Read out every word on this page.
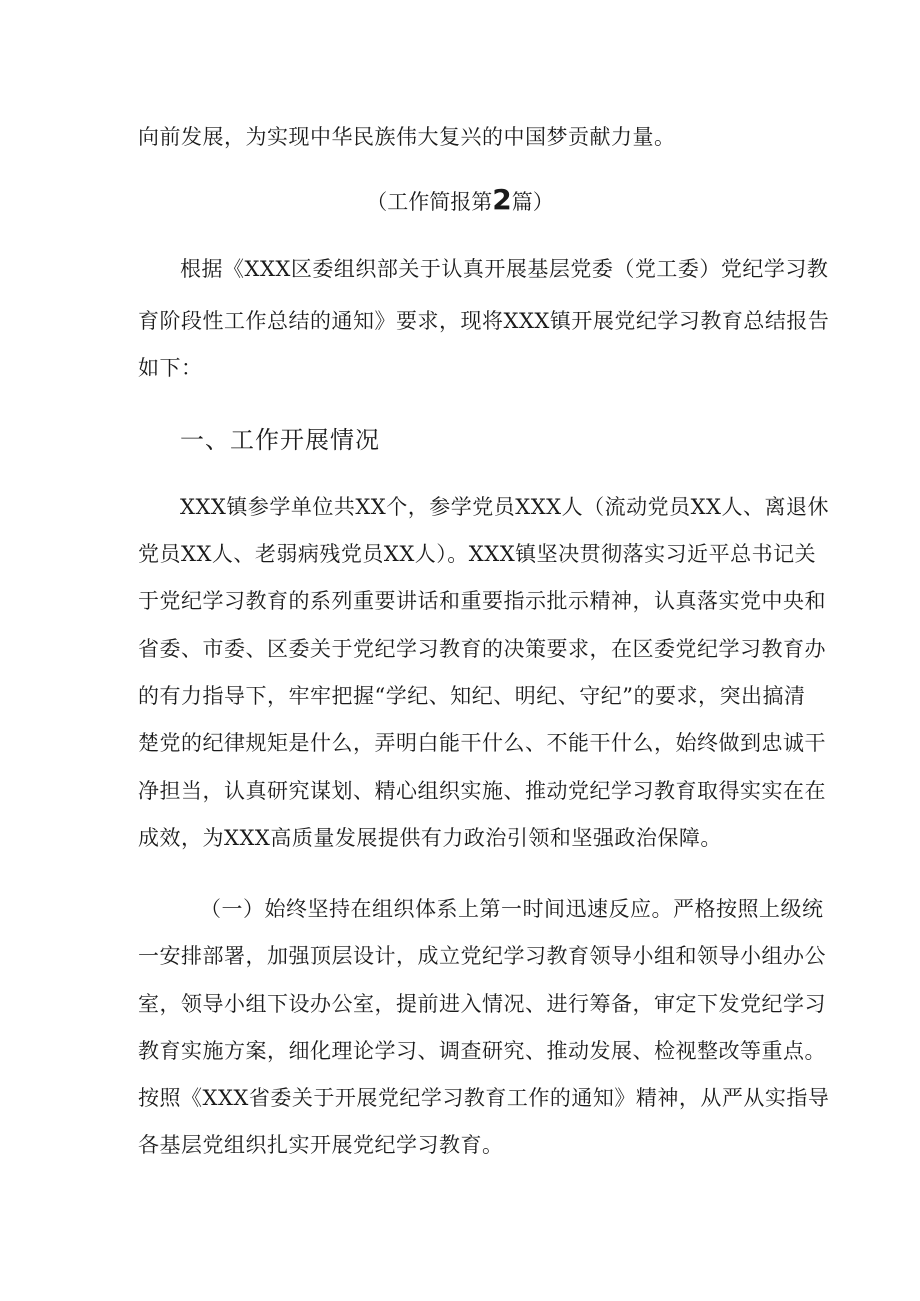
向前发展，为实现中华民族伟大复兴的中国梦贡献力量。
（工作简报第2篇）
根据《XXX区委组织部关于认真开展基层党委（党工委）党纪学习教
育阶段性工作总结的通知》要求，现将XXX镇开展党纪学习教育总结报告
如下：
一、工作开展情况
XXX镇参学单位共XX个，参学党员XXX人（流动党员XX人、离退休
党员XX人、老弱病残党员XX人）。XXX镇坚决贯彻落实习近平总书记关
于党纪学习教育的系列重要讲话和重要指示批示精神，认真落实党中央和
省委、市委、区委关于党纪学习教育的决策要求，在区委党纪学习教育办
的有力指导下，牢牢把握“学纪、知纪、明纪、守纪”的要求，突出搞清
楚党的纪律规矩是什么，弄明白能干什么、不能干什么，始终做到忠诚干
净担当，认真研究谋划、精心组织实施、推动党纪学习教育取得实实在在
成效，为XXX高质量发展提供有力政治引领和坚强政治保障。
（一）始终坚持在组织体系上第一时间迅速反应。严格按照上级统
一安排部署，加强顶层设计，成立党纪学习教育领导小组和领导小组办公
室，领导小组下设办公室，提前进入情况、进行筹备，审定下发党纪学习
教育实施方案，细化理论学习、调查研究、推动发展、检视整改等重点。
按照《XXX省委关于开展党纪学习教育工作的通知》精神，从严从实指导
各基层党组织扎实开展党纪学习教育。
